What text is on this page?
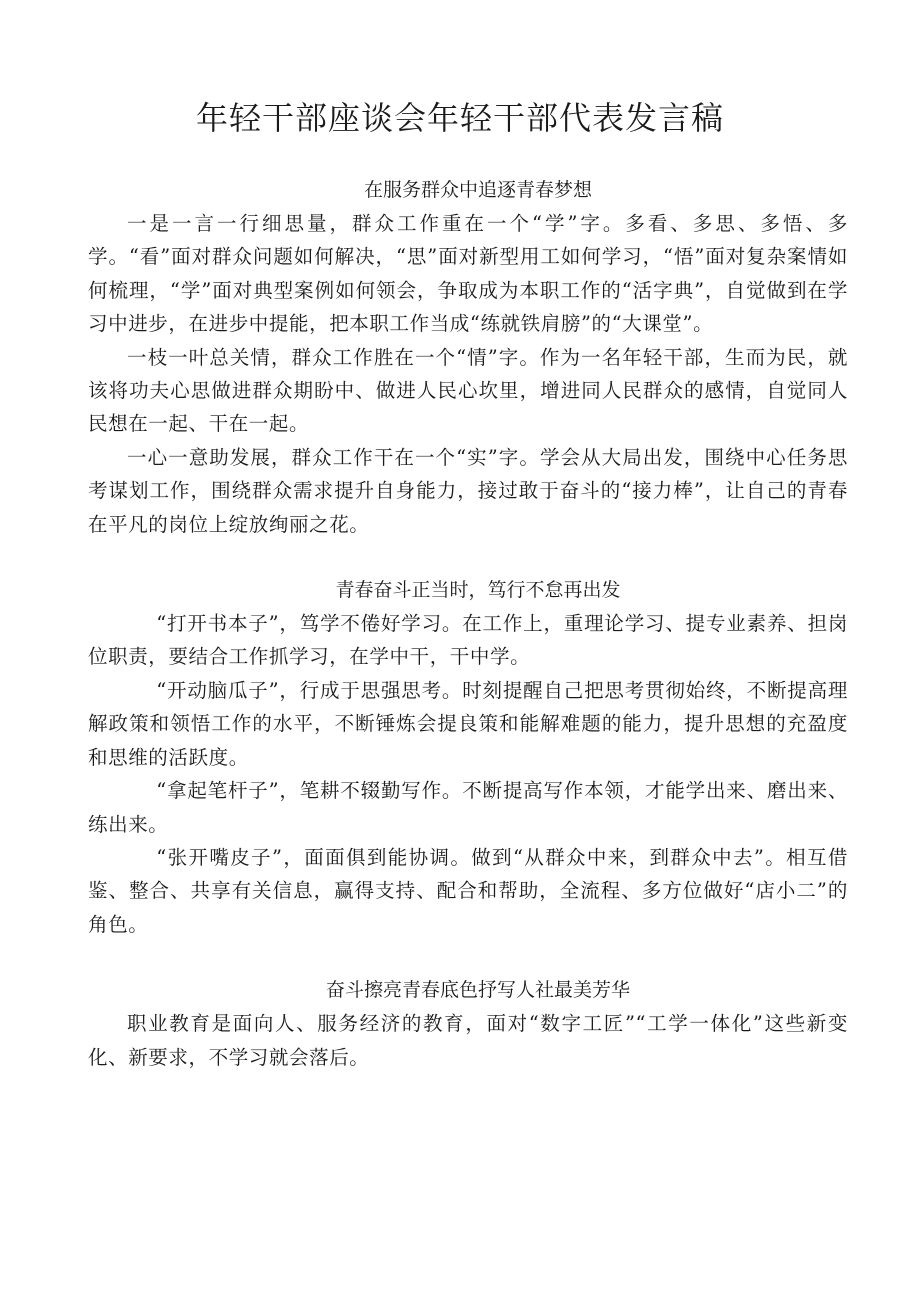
年轻干部座谈会年轻干部代表发言稿
在服务群众中追逐青春梦想

一是一言一行细思量，群众工作重在一个“学”字。多看、多思、多悟、多学。“看”面对群众问题如何解决，“思”面对新型用工如何学习，“悟”面对复杂案情如何梳理，“学”面对典型案例如何领会，争取成为本职工作的“活字典”，自觉做到在学习中进步，在进步中提能，把本职工作当成“练就铁肩膀”的“大课堂”。

一枝一叶总关情，群众工作胜在一个“情”字。作为一名年轻干部，生而为民，就该将功夫心思做进群众期盼中、做进人民心坎里，增进同人民群众的感情，自觉同人民想在一起、干在一起。

一心一意助发展，群众工作干在一个“实”字。学会从大局出发，围绕中心任务思考谋划工作，围绕群众需求提升自身能力，接过敢于奋斗的“接力棒”，让自己的青春在平凡的岗位上绽放绚丽之花。

青春奋斗正当时，笃行不怠再出发

“打开书本子”，笃学不倦好学习。在工作上，重理论学习、提专业素养、担岗位职责，要结合工作抓学习，在学中干，干中学。

“开动脑瓜子”，行成于思强思考。时刻提醒自己把思考贯彻始终，不断提高理解政策和领悟工作的水平，不断锤炼会提良策和能解难题的能力，提升思想的充盈度和思维的活跃度。

“拿起笔杆子”，笔耕不辍勤写作。不断提高写作本领，才能学出来、磨出来、练出来。

“张开嘴皮子”，面面俱到能协调。做到“从群众中来，到群众中去”。相互借鉴、整合、共享有关信息，赢得支持、配合和帮助，全流程、多方位做好“店小二”的角色。

奋斗擦亮青春底色抒写人社最美芳华

职业教育是面向人、服务经济的教育，面对“数字工匠”“工学一体化”这些新变化、新要求，不学习就会落后。
